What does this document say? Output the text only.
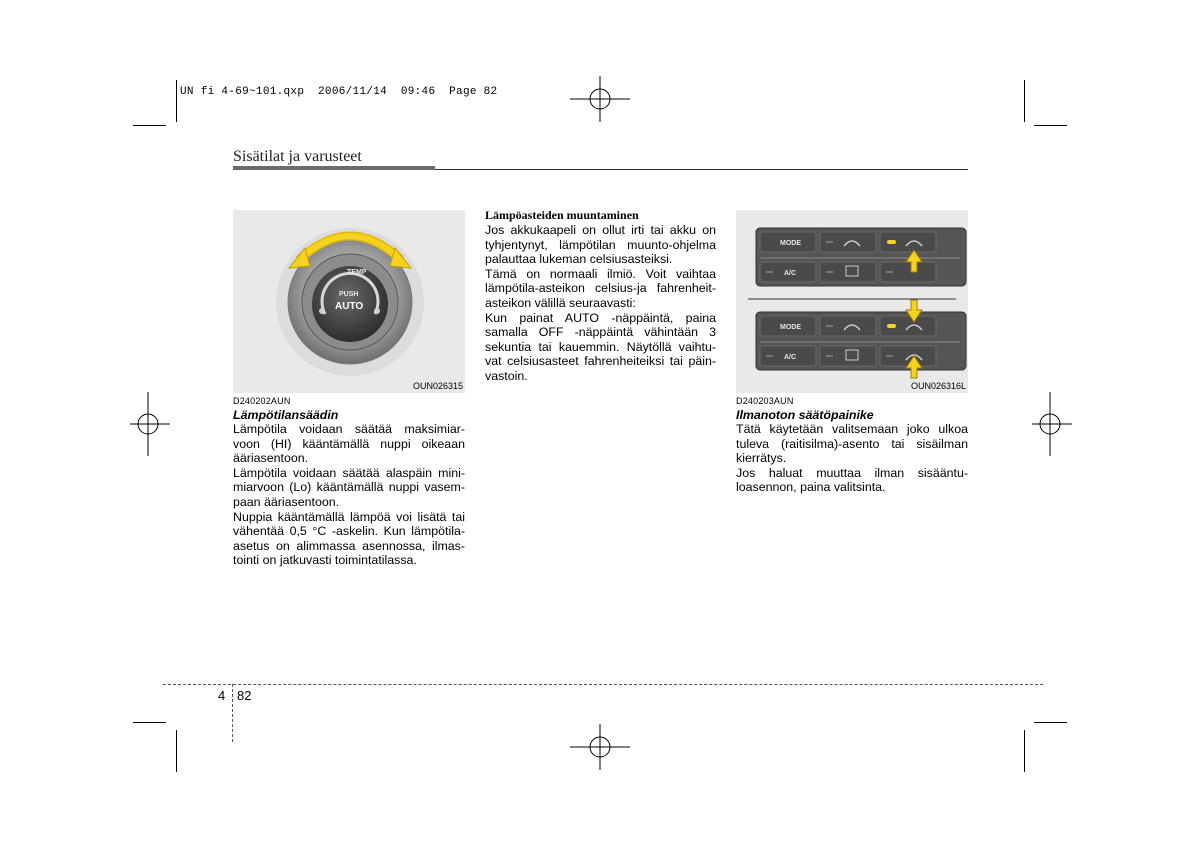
UN fi 4-69~101.qxp  2006/11/14  09:46  Page 82
Sisätilat ja varusteet
TEMP
PUSH
AUTO
OUN026315
D240202AUN
Lämpötilansäädin

Lämpötila voidaan säätää maksimiar-voon (HI) kääntämällä nuppi oikeaan ääriasentoon.

Lämpötila voidaan säätää alaspäin mini-miarvoon (Lo) kääntämällä nuppi vasem-paan ääriasentoon.

Nuppia kääntämällä lämpöä voi lisätä tai vähentää 0,5 °C -askelin. Kun lämpötila-asetus on alimmassa asennossa, ilmas-tointi on jatkuvasti toimintatilassa.

Lämpöasteiden muuntaminen

Jos akkukaapeli on ollut irti tai akku on tyhjentynyt, lämpötilan muunto-ohjelma palauttaa lukeman celsiusasteiksi.

Tämä on normaali ilmiö. Voit vaihtaa lämpötila-asteikon celsius-ja fahrenheit-asteikon välillä seuraavasti:

Kun painat AUTO -näppäintä, paina samalla OFF -näppäintä vähintään 3 sekuntia tai kauemmin. Näytöllä vaihtu-vat celsiusasteet fahrenheiteiksi tai päin-vastoin.

MODE
A/C
MODE
A/C
OUN026316L
D240203AUN
Ilmanoton säätöpainike

Tätä käytetään valitsemaan joko ulkoa tuleva (raitisilma)-asento tai sisäilman kierrätys.

Jos haluat muuttaa ilman sisääntu-loasennon, paina valitsinta.

4 82
